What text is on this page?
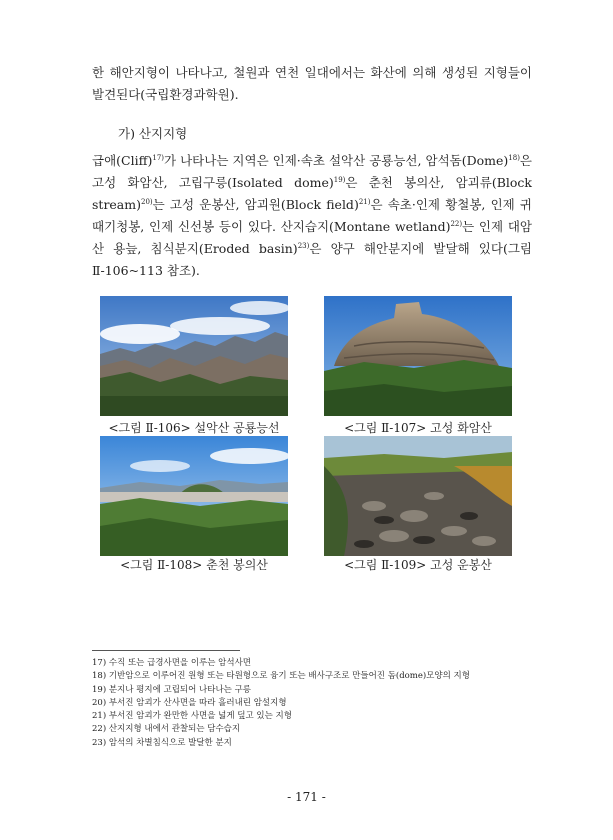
한 해안지형이 나타나고, 철원과 연천 일대에서는 화산에 의해 생성된 지형들이 발견된다(국립환경과학원).

가) 산지지형

급애(Cliff)$^{17)}$가 나타나는 지역은 인제·속초 설악산 공룡능선, 암석돔(Dome)$^{18)}$은 고성 화암산, 고립구릉(Isolated dome)$^{19)}$은 춘천 봉의산, 암괴류(Block stream)$^{20)}$는 고성 운봉산, 암괴원(Block field)$^{21)}$은 속초·인제 황철봉, 인제 귀때기청봉, 인제 신선봉 등이 있다. 산지습지(Montane wetland)$^{22)}$는 인제 대암산 용늪, 침식분지(Eroded basin)$^{23)}$은 양구 해안분지에 발달해 있다(그림 Ⅱ-106~113 참조).

<그림 Ⅱ-106> 설악산 공룡능선	<그림 Ⅱ-107> 고성 화암산
<그림 Ⅱ-108> 춘천 봉의산	<그림 Ⅱ-109> 고성 운봉산
17) 수직 또는 급경사면을 이루는 암석사면
18) 기반암으로 이루어진 원형 또는 타원형으로 융기 또는 배사구조로 만들어진 돔(dome)모양의 지형
19) 분지나 평지에 고립되어 나타나는 구릉
20) 부서진 암괴가 산사면을 따라 흘러내린 암설지형
21) 부서진 암괴가 완만한 사면을 넓게 덮고 있는 지형
22) 산지지형 내에서 관찰되는 담수습지
23) 암석의 차별침식으로 발달한 분지
- 171 -
